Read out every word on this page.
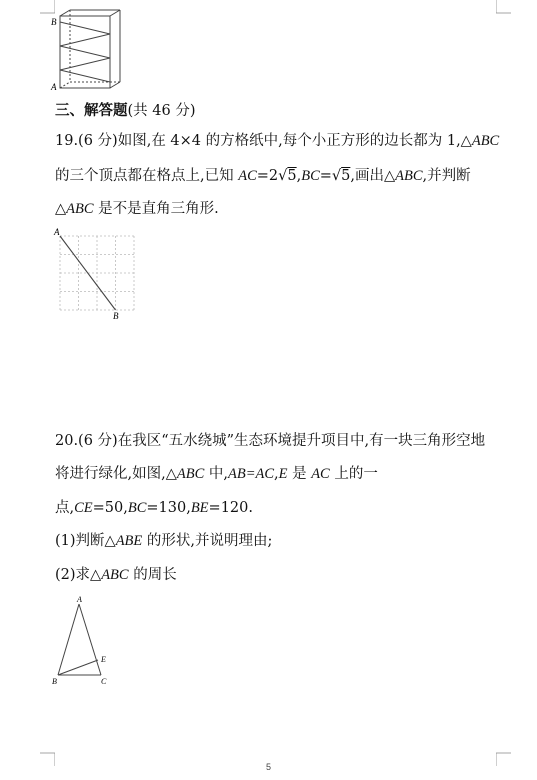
B
A
三、解答题(共 46 分)
19.(6 分)如图,在 4×4 的方格纸中,每个小正方形的边长都为 1,△ABC
的三个顶点都在格点上,已知 AC=2√5,BC=√5,画出△ABC,并判断
△ABC 是不是直角三角形.
A
B
20.(6 分)在我区“五水绕城”生态环境提升项目中,有一块三角形空地
将进行绿化,如图,△ABC 中,AB=AC,E 是 AC 上的一
点,CE=50,BC=130,BE=120.
(1)判断△ABE 的形状,并说明理由;
(2)求△ABC 的周长
A
B	C
E
5
